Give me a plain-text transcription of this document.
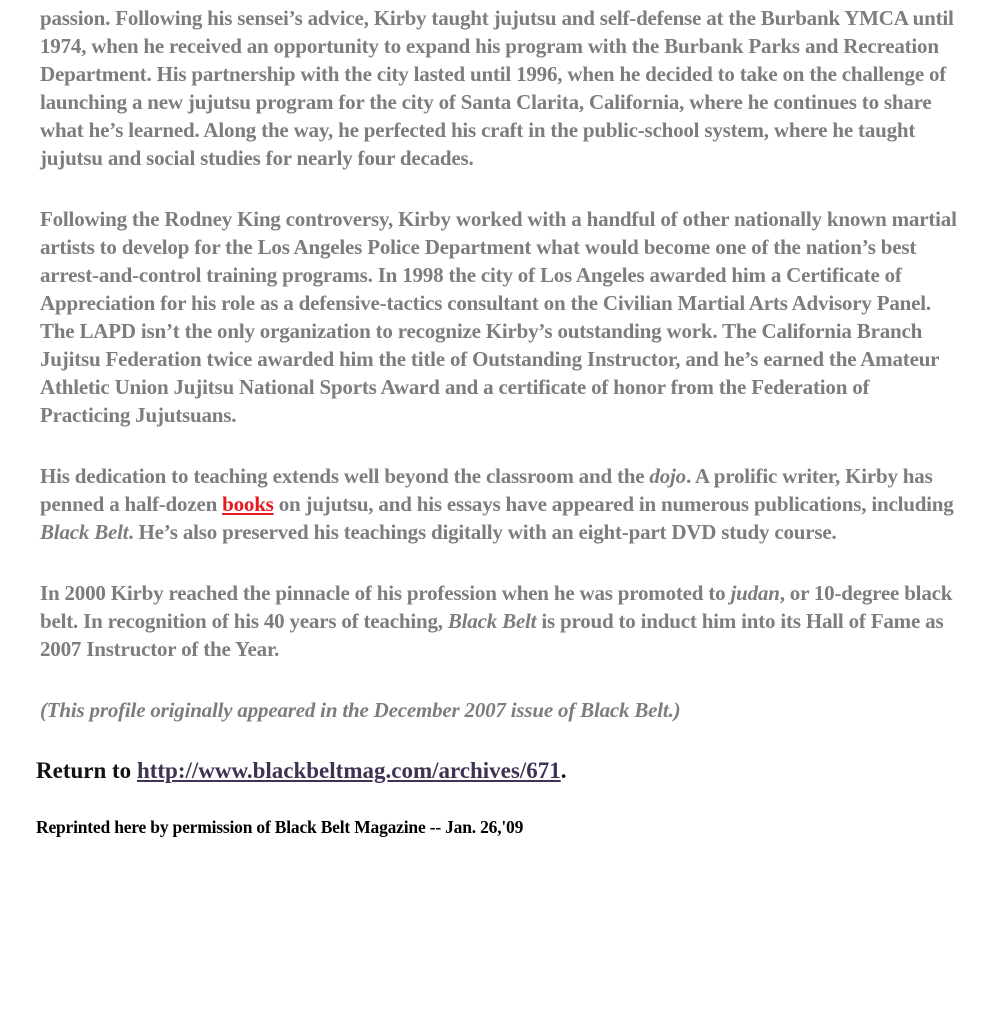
passion. Following his sensei’s advice, Kirby taught jujutsu and self-defense at the Burbank YMCA until 1974, when he received an opportunity to expand his program with the Burbank Parks and Recreation Department. His partnership with the city lasted until 1996, when he decided to take on the challenge of launching a new jujutsu program for the city of Santa Clarita, California, where he continues to share what he’s learned. Along the way, he perfected his craft in the public-school system, where he taught jujutsu and social studies for nearly four decades.

Following the Rodney King controversy, Kirby worked with a handful of other nationally known martial artists to develop for the Los Angeles Police Department what would become one of the nation’s best arrest-and-control training programs. In 1998 the city of Los Angeles awarded him a Certificate of Appreciation for his role as a defensive-tactics consultant on the Civilian Martial Arts Advisory Panel.

The LAPD isn’t the only organization to recognize Kirby’s outstanding work. The California Branch Jujitsu Federation twice awarded him the title of Outstanding Instructor, and he’s earned the Amateur Athletic Union Jujitsu National Sports Award and a certificate of honor from the Federation of Practicing Jujutsuans.

His dedication to teaching extends well beyond the classroom and the dojo. A prolific writer, Kirby has penned a half-dozen books on jujutsu, and his essays have appeared in numerous publications, including Black Belt. He’s also preserved his teachings digitally with an eight-part DVD study course.

In 2000 Kirby reached the pinnacle of his profession when he was promoted to judan, or 10-degree black belt. In recognition of his 40 years of teaching, Black Belt is proud to induct him into its Hall of Fame as 2007 Instructor of the Year.

(This profile originally appeared in the December 2007 issue of Black Belt.)

Return to http://www.blackbeltmag.com/archives/671.

Reprinted here by permission of Black Belt Magazine -- Jan. 26,'09
